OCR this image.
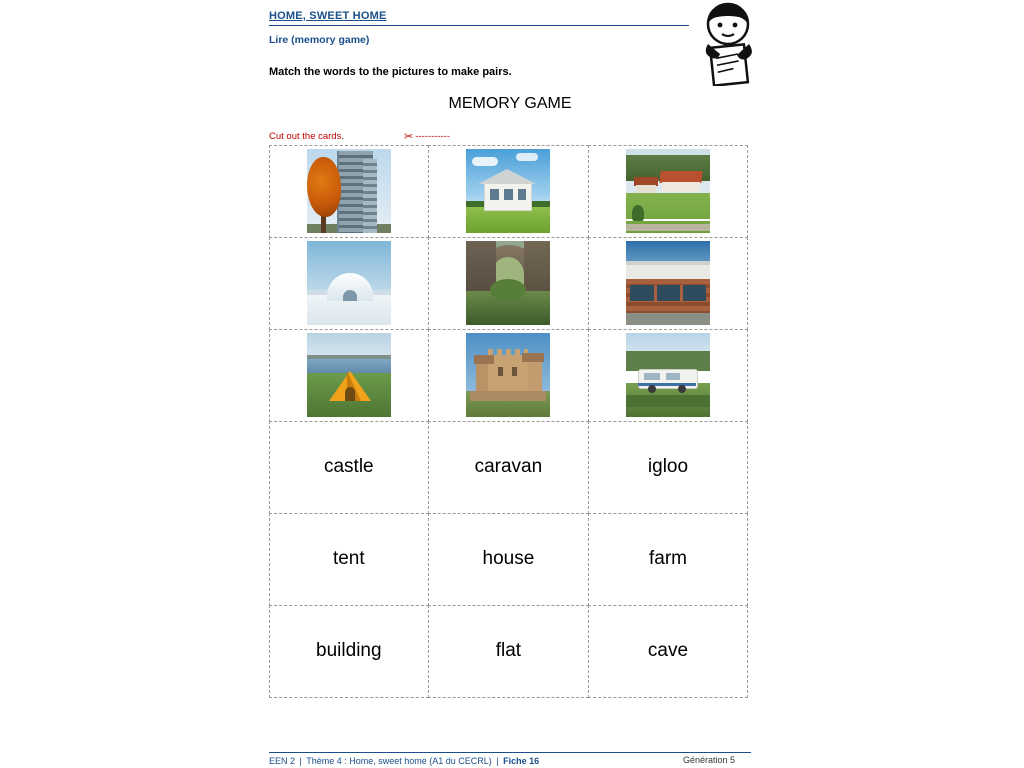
HOME, SWEET HOME
Lire (memory game)
Match the words to the pictures to make pairs.
MEMORY GAME
Cut out the cards.	✂ -----------
castle	caravan	igloo
tent	house	farm
building	flat	cave
EEN 2 | Thème 4 : Home, sweet home (A1 du CECRL) | Fiche 16	Génération 5
